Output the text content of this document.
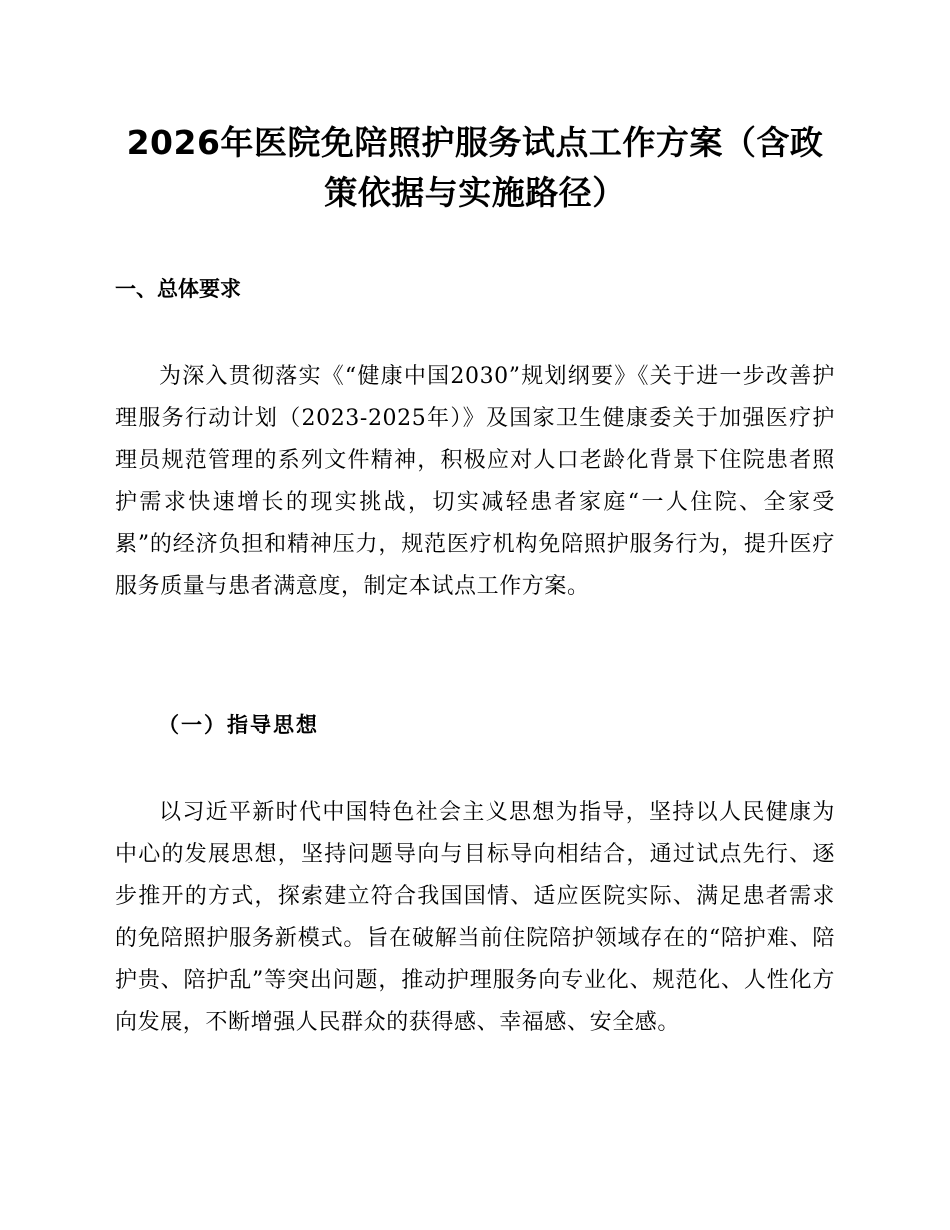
2026年医院免陪照护服务试点工作方案（含政策依据与实施路径）
一、总体要求

为深入贯彻落实《“健康中国2030”规划纲要》《关于进一步改善护理服务行动计划（2023-2025年）》及国家卫生健康委关于加强医疗护理员规范管理的系列文件精神，积极应对人口老龄化背景下住院患者照护需求快速增长的现实挑战，切实减轻患者家庭“一人住院、全家受累”的经济负担和精神压力，规范医疗机构免陪照护服务行为，提升医疗服务质量与患者满意度，制定本试点工作方案。

（一）指导思想

以习近平新时代中国特色社会主义思想为指导，坚持以人民健康为中心的发展思想，坚持问题导向与目标导向相结合，通过试点先行、逐步推开的方式，探索建立符合我国国情、适应医院实际、满足患者需求的免陪照护服务新模式。旨在破解当前住院陪护领域存在的“陪护难、陪护贵、陪护乱”等突出问题，推动护理服务向专业化、规范化、人性化方向发展，不断增强人民群众的获得感、幸福感、安全感。
